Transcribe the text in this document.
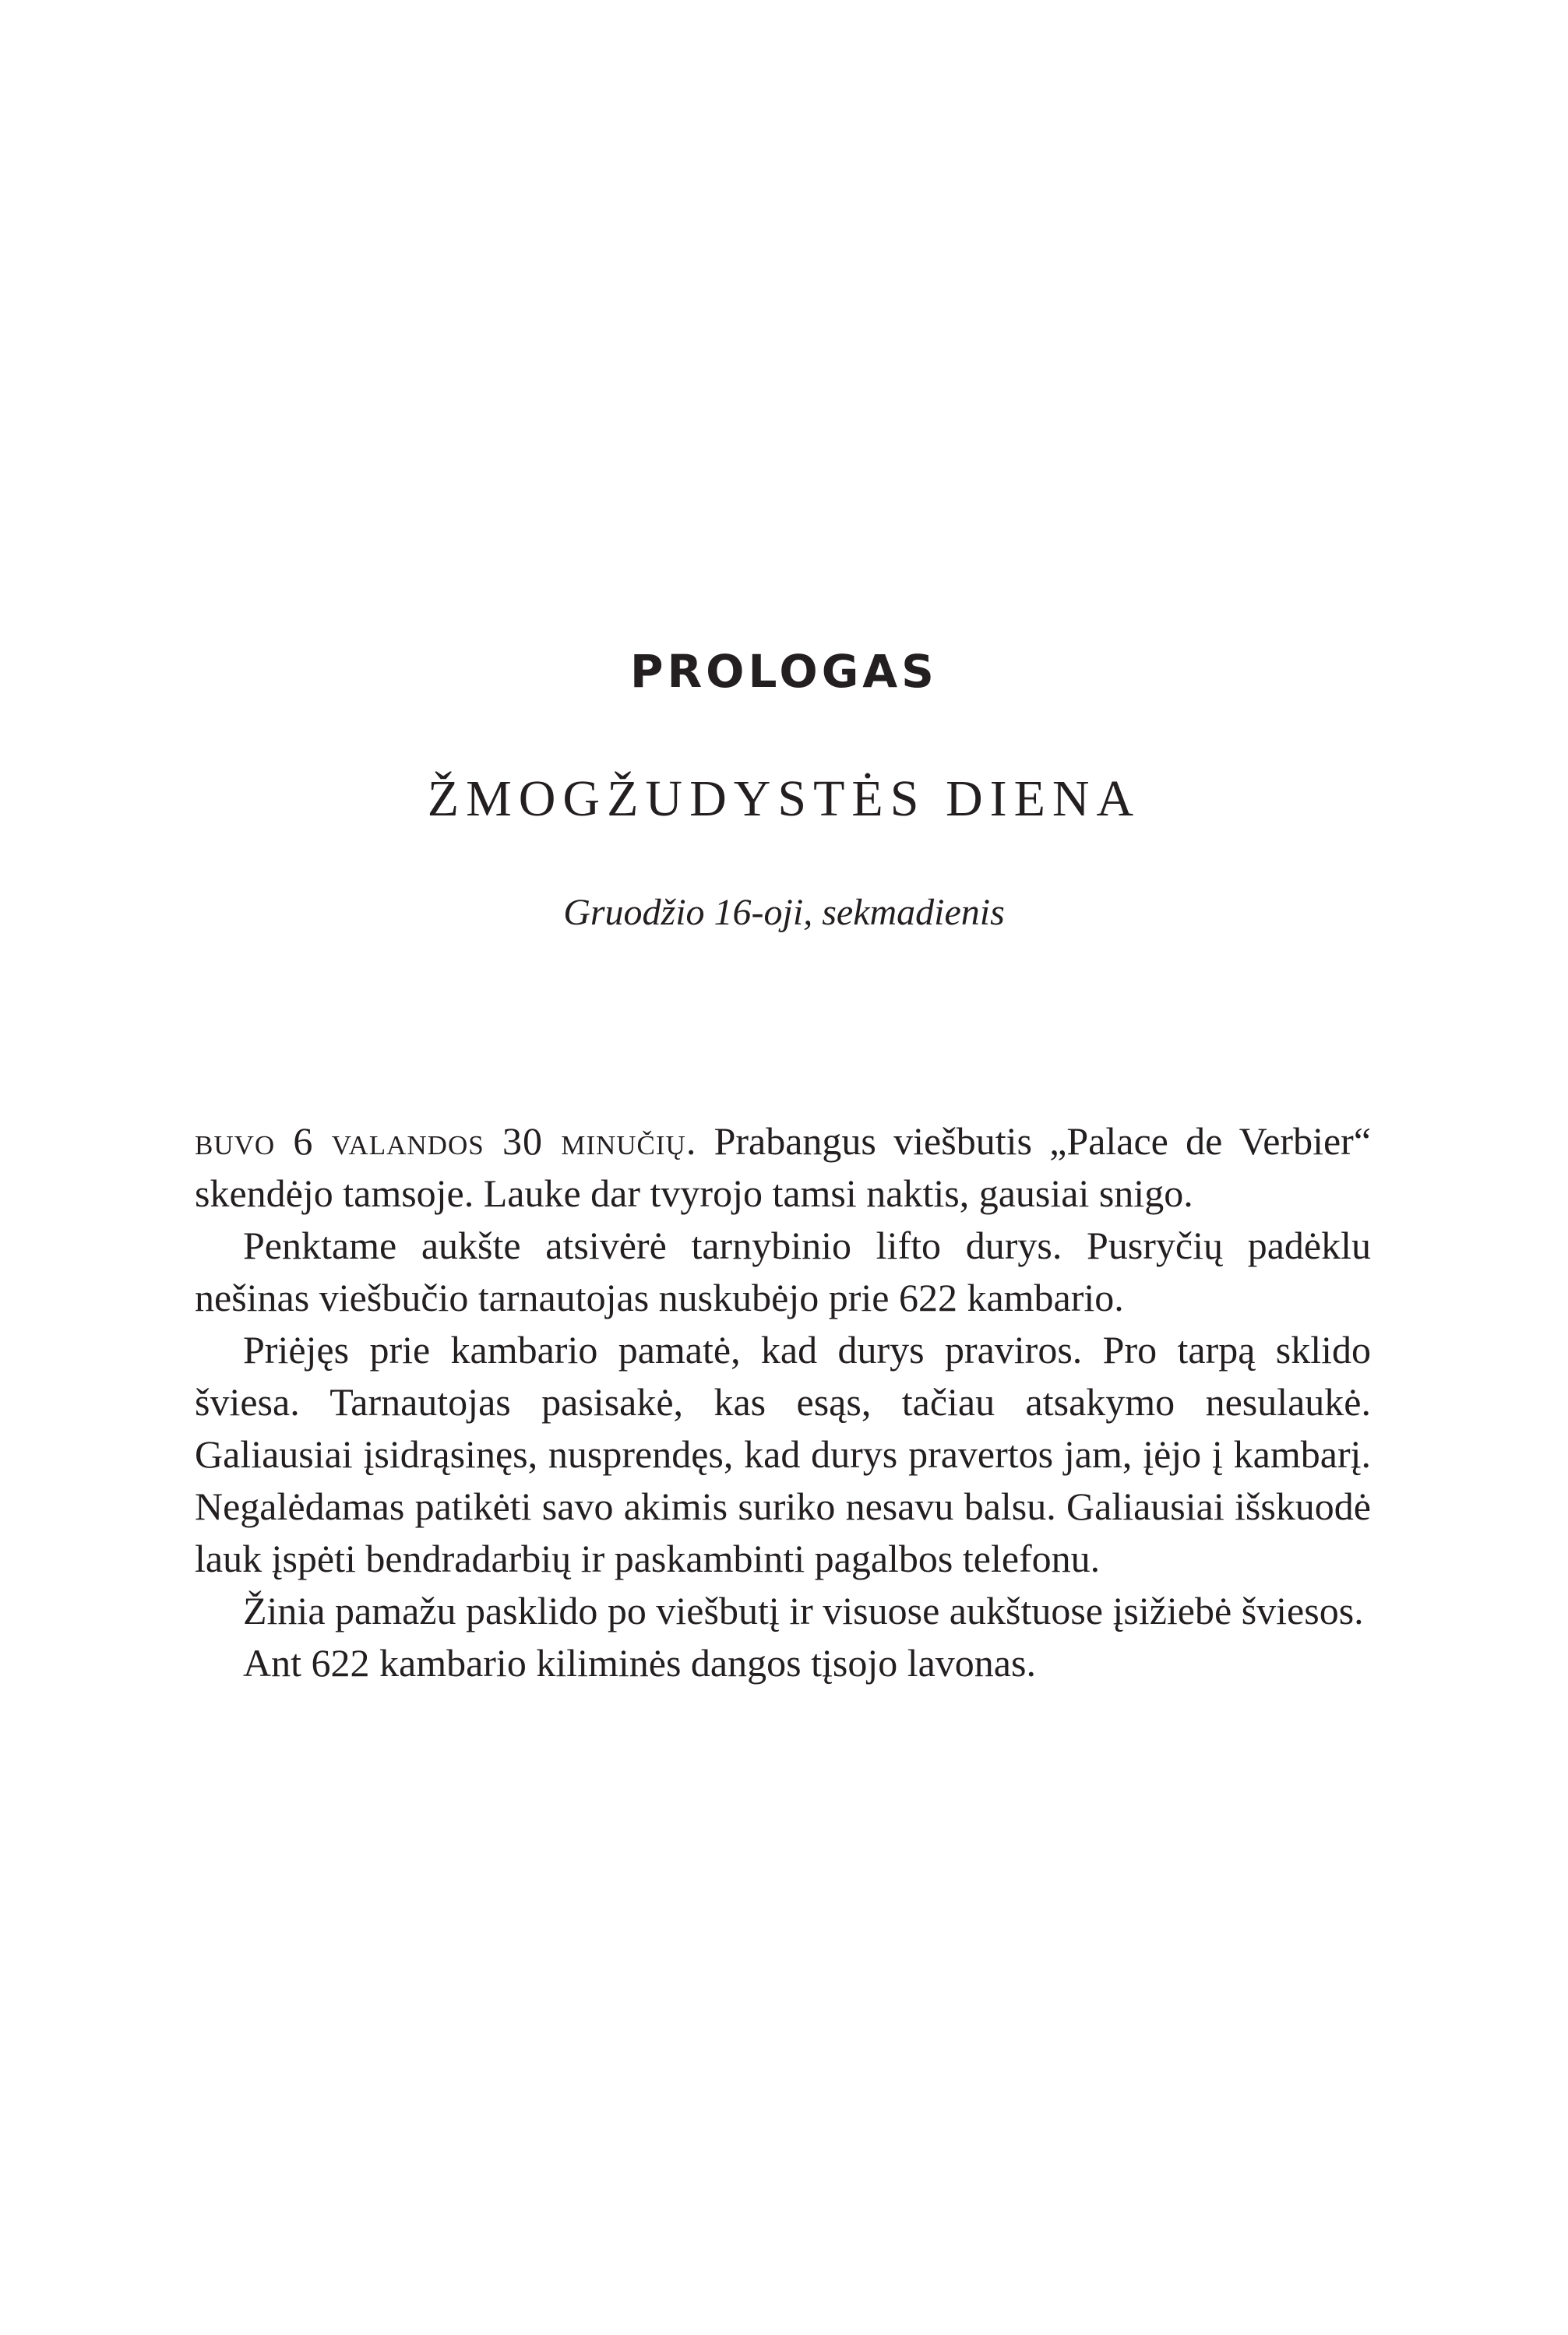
PROLOGAS
ŽMOGŽUDYSTĖS DIENA
Gruodžio 16-oji, sekmadienis

buvo 6 valandos 30 minučių. Prabangus viešbutis „Palace de Verbier“ skendėjo tamsoje. Lauke dar tvyrojo tamsi naktis, gausiai snigo.

Penktame aukšte atsivėrė tarnybinio lifto durys. Pusryčių padėklu nešinas viešbučio tarnautojas nuskubėjo prie 622 kambario.

Priėjęs prie kambario pamatė, kad durys praviros. Pro tarpą sklido šviesa. Tarnautojas pasisakė, kas esąs, tačiau atsakymo nesulaukė. Galiausiai įsidrąsinęs, nusprendęs, kad durys pravertos jam, įėjo į kambarį. Negalėdamas patikėti savo akimis suriko nesavu balsu. Galiausiai išskuodė lauk įspėti bendradarbių ir paskambinti pagalbos telefonu.

Žinia pamažu pasklido po viešbutį ir visuose aukštuose įsižiebė šviesos.

Ant 622 kambario kiliminės dangos tįsojo lavonas.
